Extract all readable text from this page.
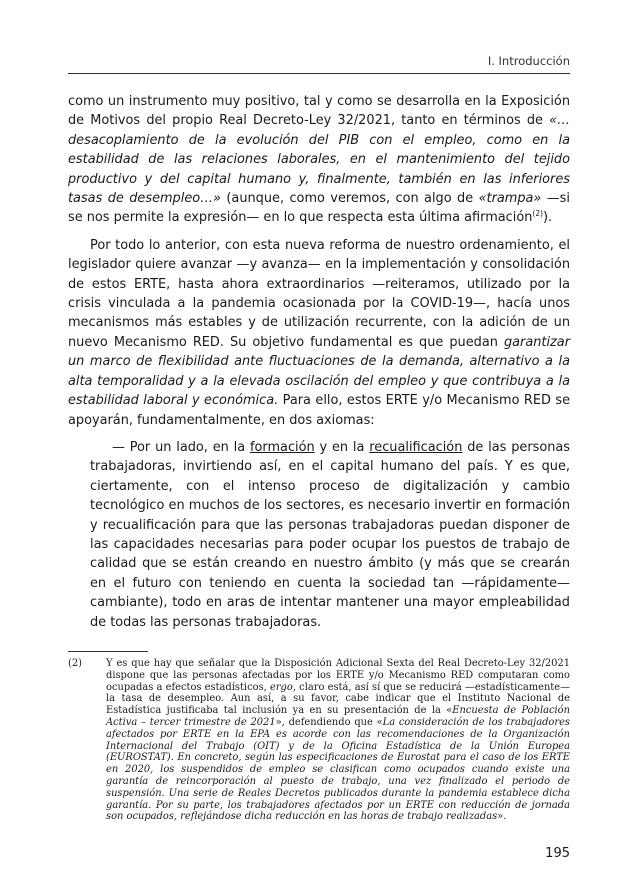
I. Introducción

como un instrumento muy positivo, tal y como se desarrolla en la Exposición de Motivos del propio Real Decreto-Ley 32/2021, tanto en términos de «…desacoplamiento de la evolución del PIB con el empleo, como en la estabilidad de las relaciones laborales, en el mantenimiento del tejido productivo y del capital humano y, finalmente, también en las inferiores tasas de desempleo…» (aunque, como veremos, con algo de «trampa» —si se nos permite la expresión— en lo que respecta esta última afirmación$^{(2)}$).

Por todo lo anterior, con esta nueva reforma de nuestro ordenamiento, el legislador quiere avanzar —y avanza— en la implementación y consolidación de estos ERTE, hasta ahora extraordinarios —reiteramos, utilizado por la crisis vinculada a la pandemia ocasionada por la COVID-19—, hacía unos mecanismos más estables y de utilización recurrente, con la adición de un nuevo Mecanismo RED. Su objetivo fundamental es que puedan garantizar un marco de flexibilidad ante fluctuaciones de la demanda, alternativo a la alta temporalidad y a la elevada oscilación del empleo y que contribuya a la estabilidad laboral y económica. Para ello, estos ERTE y/o Mecanismo RED se apoyarán, fundamentalmente, en dos axiomas:

— Por un lado, en la formación y en la recualificación de las personas trabajadoras, invirtiendo así, en el capital humano del país. Y es que, ciertamente, con el intenso proceso de digitalización y cambio tecnológico en muchos de los sectores, es necesario invertir en formación y recualificación para que las personas trabajadoras puedan disponer de las capacidades necesarias para poder ocupar los puestos de trabajo de calidad que se están creando en nuestro ámbito (y más que se crearán en el futuro con teniendo en cuenta la sociedad tan —rápidamente— cambiante), todo en aras de intentar mantener una mayor empleabilidad de todas las personas trabajadoras.

(2)	Y es que hay que señalar que la Disposición Adicional Sexta del Real Decreto-Ley 32/2021 dispone que las personas afectadas por los ERTE y/o Mecanismo RED computaran como ocupadas a efectos estadísticos, ergo, claro está, así sí que se reducirá —estadísticamente— la tasa de desempleo. Aun así, a su favor, cabe indicar que el Instituto Nacional de Estadística justificaba tal inclusión ya en su presentación de la «Encuesta de Población Activa – tercer trimestre de 2021», defendiendo que «La consideración de los trabajadores afectados por ERTE en la EPA es acorde con las recomendaciones de la Organización Internacional del Trabajo (OIT) y de la Oficina Estadística de la Unión Europea (EUROSTAT). En concreto, según las especificaciones de Eurostat para el caso de los ERTE en 2020, los suspendidos de empleo se clasifican como ocupados cuando existe una garantía de reincorporación al puesto de trabajo, una vez finalizado el periodo de suspensión. Una serie de Reales Decretos publicados durante la pandemia establece dicha garantía. Por su parte, los trabajadores afectados por un ERTE con reducción de jornada son ocupados, reflejándose dicha reducción en las horas de trabajo realizadas».
195
